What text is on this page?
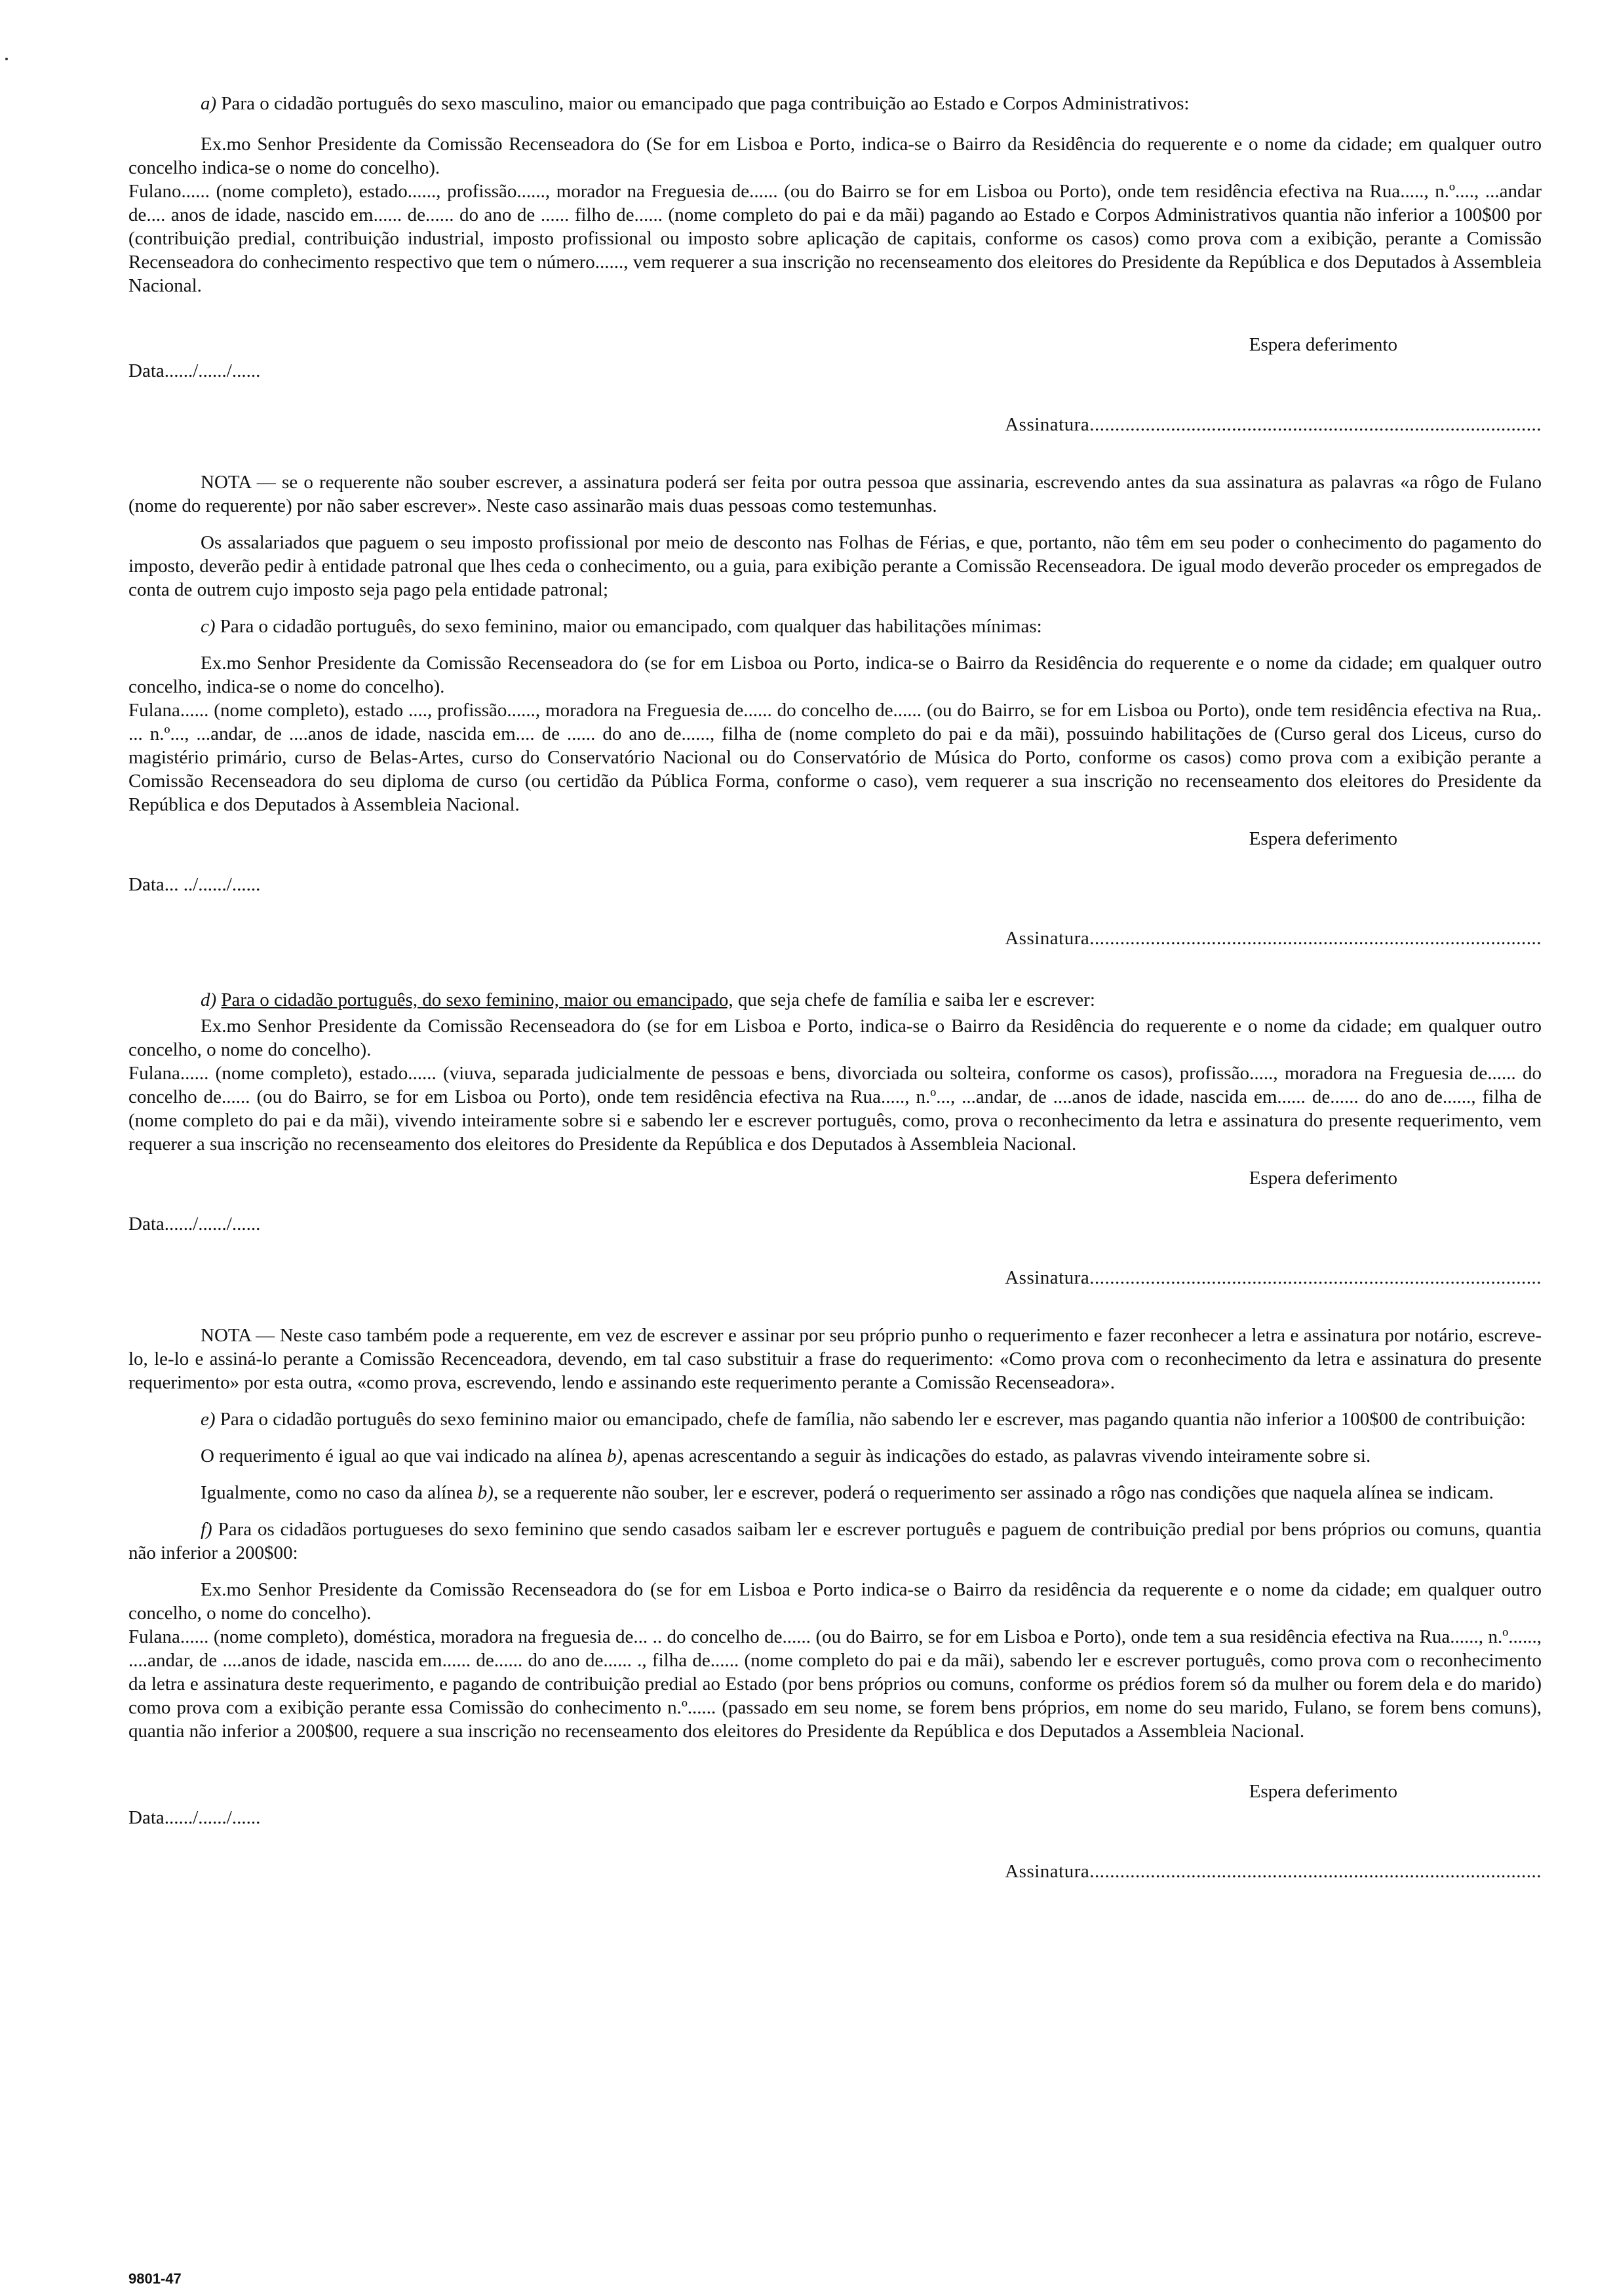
a) Para o cidadão português do sexo masculino, maior ou emancipado que paga contribuição ao Estado e Corpos Administrativos:

Ex.mo Senhor Presidente da Comissão Recenseadora do (Se for em Lisboa e Porto, indica-se o Bairro da Residência do requerente e o nome da cidade; em qualquer outro concelho indica-se o nome do concelho).

Fulano...... (nome completo), estado......, profissão......, morador na Freguesia de...... (ou do Bairro se for em Lisboa ou Porto), onde tem residência efectiva na Rua....., n.º...., ...andar de.... anos de idade, nascido em...... de...... do ano de ...... filho de...... (nome completo do pai e da mãi) pagando ao Estado e Corpos Administrativos quantia não inferior a 100$00 por (contribuição predial, contribuição industrial, imposto profissional ou imposto sobre aplicação de capitais, conforme os casos) como prova com a exibição, perante a Comissão Recenseadora do conhecimento respectivo que tem o número......, vem requerer a sua inscrição no recenseamento dos eleitores do Presidente da República e dos Deputados à Assembleia Nacional.

Espera deferimento

Data....../....../......

Assinatura.........................................................................................

NOTA — se o requerente não souber escrever, a assinatura poderá ser feita por outra pessoa que assinaria, escrevendo antes da sua assinatura as palavras «a rôgo de Fulano (nome do requerente) por não saber escrever». Neste caso assinarão mais duas pessoas como testemunhas.

Os assalariados que paguem o seu imposto profissional por meio de desconto nas Folhas de Férias, e que, portanto, não têm em seu poder o conhecimento do pagamento do imposto, deverão pedir à entidade patronal que lhes ceda o conhecimento, ou a guia, para exibição perante a Comissão Recenseadora. De igual modo deverão proceder os empregados de conta de outrem cujo imposto seja pago pela entidade patronal;

c) Para o cidadão português, do sexo feminino, maior ou emancipado, com qualquer das habilitações mínimas:

Ex.mo Senhor Presidente da Comissão Recenseadora do (se for em Lisboa ou Porto, indica-se o Bairro da Residência do requerente e o nome da cidade; em qualquer outro concelho, indica-se o nome do concelho).

Fulana...... (nome completo), estado ...., profissão......, moradora na Freguesia de...... do concelho de...... (ou do Bairro, se for em Lisboa ou Porto), onde tem residência efectiva na Rua,. ... n.º..., ...andar, de ....anos de idade, nascida em.... de ...... do ano de......, filha de (nome completo do pai e da mãi), possuindo habilitações de (Curso geral dos Liceus, curso do magistério primário, curso de Belas-Artes, curso do Conservatório Nacional ou do Conservatório de Música do Porto, conforme os casos) como prova com a exibição perante a Comissão Recenseadora do seu diploma de curso (ou certidão da Pública Forma, conforme o caso), vem requerer a sua inscrição no recenseamento dos eleitores do Presidente da República e dos Deputados à Assembleia Nacional.

Espera deferimento

Data... ../....../......

Assinatura.........................................................................................

d) Para o cidadão português, do sexo feminino, maior ou emancipado, que seja chefe de família e saiba ler e escrever:

Ex.mo Senhor Presidente da Comissão Recenseadora do (se for em Lisboa e Porto, indica-se o Bairro da Residência do requerente e o nome da cidade; em qualquer outro concelho, o nome do concelho).

Fulana...... (nome completo), estado...... (viuva, separada judicialmente de pessoas e bens, divorciada ou solteira, conforme os casos), profissão....., moradora na Freguesia de...... do concelho de...... (ou do Bairro, se for em Lisboa ou Porto), onde tem residência efectiva na Rua....., n.º..., ...andar, de ....anos de idade, nascida em...... de...... do ano de......, filha de (nome completo do pai e da mãi), vivendo inteiramente sobre si e sabendo ler e escrever português, como, prova o reconhecimento da letra e assinatura do presente requerimento, vem requerer a sua inscrição no recenseamento dos eleitores do Presidente da República e dos Deputados à Assembleia Nacional.

Espera deferimento

Data....../....../......

Assinatura.........................................................................................

NOTA — Neste caso também pode a requerente, em vez de escrever e assinar por seu próprio punho o requerimento e fazer reconhecer a letra e assinatura por notário, escreve-lo, le-lo e assiná-lo perante a Comissão Recenceadora, devendo, em tal caso substituir a frase do requerimento: «Como prova com o reconhecimento da letra e assinatura do presente requerimento» por esta outra, «como prova, escrevendo, lendo e assinando este requerimento perante a Comissão Recenseadora».

e) Para o cidadão português do sexo feminino maior ou emancipado, chefe de família, não sabendo ler e escrever, mas pagando quantia não inferior a 100$00 de contribuição:

O requerimento é igual ao que vai indicado na alínea b), apenas acrescentando a seguir às indicações do estado, as palavras vivendo inteiramente sobre si.

Igualmente, como no caso da alínea b), se a requerente não souber, ler e escrever, poderá o requerimento ser assinado a rôgo nas condições que naquela alínea se indicam.

f) Para os cidadãos portugueses do sexo feminino que sendo casados saibam ler e escrever português e paguem de contribuição predial por bens próprios ou comuns, quantia não inferior a 200$00:

Ex.mo Senhor Presidente da Comissão Recenseadora do (se for em Lisboa e Porto indica-se o Bairro da residência da requerente e o nome da cidade; em qualquer outro concelho, o nome do concelho).

Fulana...... (nome completo), doméstica, moradora na freguesia de... .. do concelho de...... (ou do Bairro, se for em Lisboa e Porto), onde tem a sua residência efectiva na Rua......, n.º......, ....andar, de ....anos de idade, nascida em...... de...... do ano de...... ., filha de...... (nome completo do pai e da mãi), sabendo ler e escrever português, como prova com o reconhecimento da letra e assinatura deste requerimento, e pagando de contribuição predial ao Estado (por bens próprios ou comuns, conforme os prédios forem só da mulher ou forem dela e do marido) como prova com a exibição perante essa Comissão do conhecimento n.º...... (passado em seu nome, se forem bens próprios, em nome do seu marido, Fulano, se forem bens comuns), quantia não inferior a 200$00, requere a sua inscrição no recenseamento dos eleitores do Presidente da República e dos Deputados a Assembleia Nacional.

Espera deferimento

Data....../....../......

Assinatura.........................................................................................

9801-47
